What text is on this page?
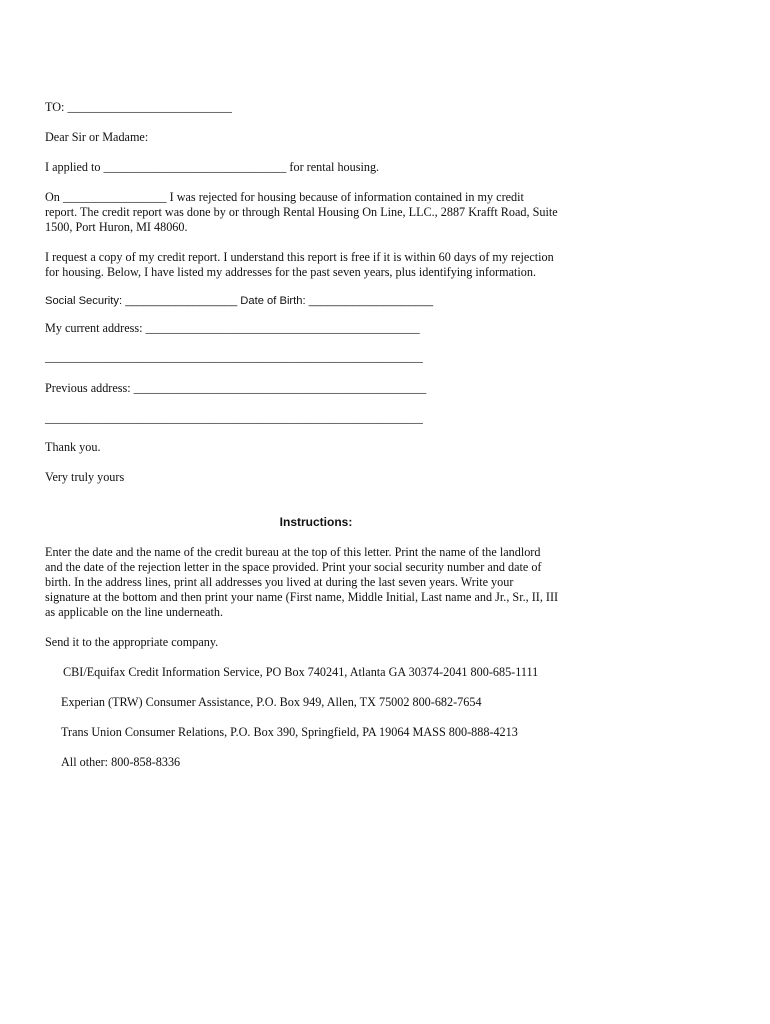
TO: ___________________________
Dear Sir or Madame:
I applied to ______________________________ for rental housing.
On _________________ I was rejected for housing because of information contained in my credit
report. The credit report was done by or through Rental Housing On Line, LLC., 2887 Krafft Road, Suite
1500, Port Huron, MI 48060.
I request a copy of my credit report. I understand this report is free if it is within 60 days of my rejection
for housing. Below, I have listed my addresses for the past seven years, plus identifying information.
Social Security: __________________ Date of Birth: ____________________
My current address: _____________________________________________
______________________________________________________________
Previous address: ________________________________________________
______________________________________________________________
Thank you.
Very truly yours
Instructions:
Enter the date and the name of the credit bureau at the top of this letter. Print the name of the landlord
and the date of the rejection letter in the space provided. Print your social security number and date of
birth. In the address lines, print all addresses you lived at during the last seven years. Write your
signature at the bottom and then print your name (First name, Middle Initial, Last name and Jr., Sr., II, III
as applicable on the line underneath.
Send it to the appropriate company.
CBI/Equifax Credit Information Service, PO Box 740241, Atlanta GA 30374-2041 800-685-1111
Experian (TRW) Consumer Assistance, P.O. Box 949, Allen, TX 75002 800-682-7654
Trans Union Consumer Relations, P.O. Box 390, Springfield, PA 19064 MASS 800-888-4213
All other: 800-858-8336
